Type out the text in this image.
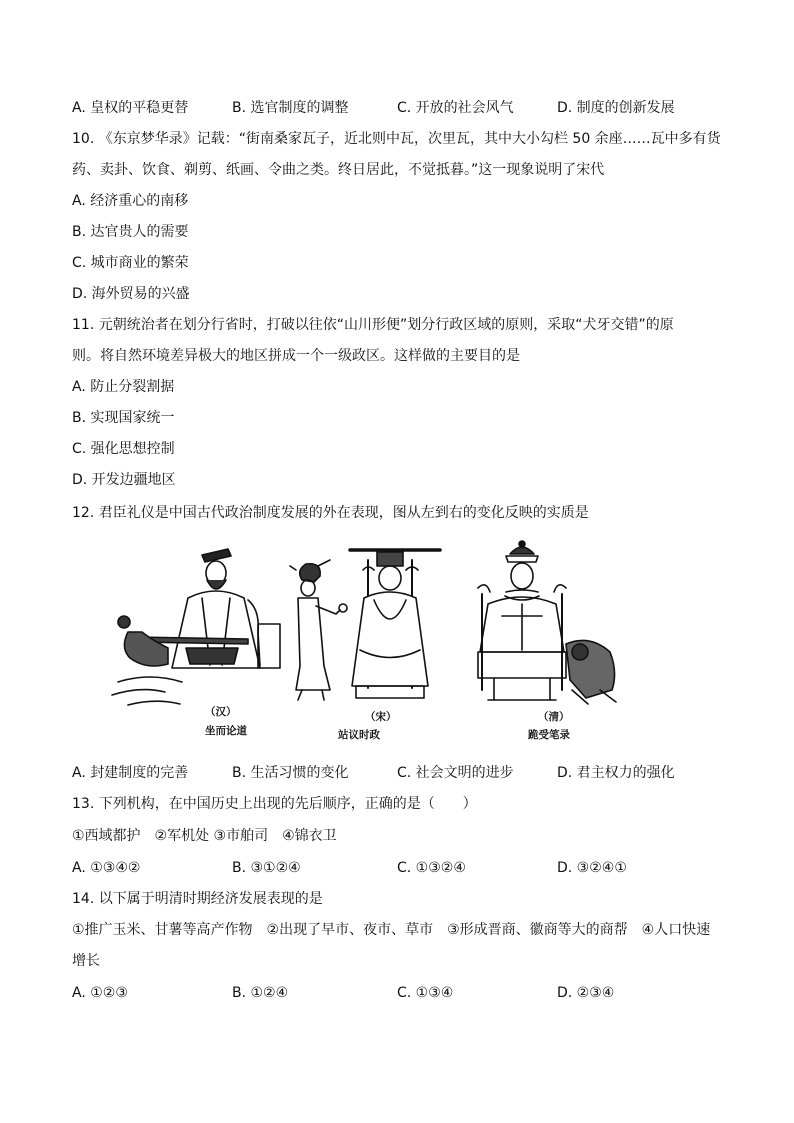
A. 皇权的平稳更替	B. 选官制度的调整	C. 开放的社会风气	D. 制度的创新发展
10. 《东京梦华录》记载：“街南桑家瓦子，近北则中瓦，次里瓦，其中大小勾栏 50 余座……瓦中多有货
药、卖卦、饮食、剃剪、纸画、令曲之类。终日居此，不觉抵暮。”这一现象说明了宋代
A. 经济重心的南移
B. 达官贵人的需要
C. 城市商业的繁荣
D. 海外贸易的兴盛
11. 元朝统治者在划分行省时，打破以往依“山川形便”划分行政区域的原则，采取“犬牙交错”的原
则。将自然环境差异极大的地区拼成一个一级政区。这样做的主要目的是
A. 防止分裂割据
B. 实现国家统一
C. 强化思想控制
D. 开发边疆地区
12. 君臣礼仪是中国古代政治制度发展的外在表现，图从左到右的变化反映的实质是
（汉）
坐而论道
（宋）
站议时政
（清）
跪受笔录
A. 封建制度的完善	B. 生活习惯的变化	C. 社会文明的进步	D. 君主权力的强化
13. 下列机构，在中国历史上出现的先后顺序，正确的是（　　）
①西域都护　②军机处 ③市舶司　④锦衣卫
A. ①③④②	B. ③①②④	C. ①③②④	D. ③②④①
14. 以下属于明清时期经济发展表现的是
①推广玉米、甘薯等高产作物　②出现了早市、夜市、草市　③形成晋商、徽商等大的商帮　④人口快速
增长
A. ①②③	B. ①②④	C. ①③④	D. ②③④
